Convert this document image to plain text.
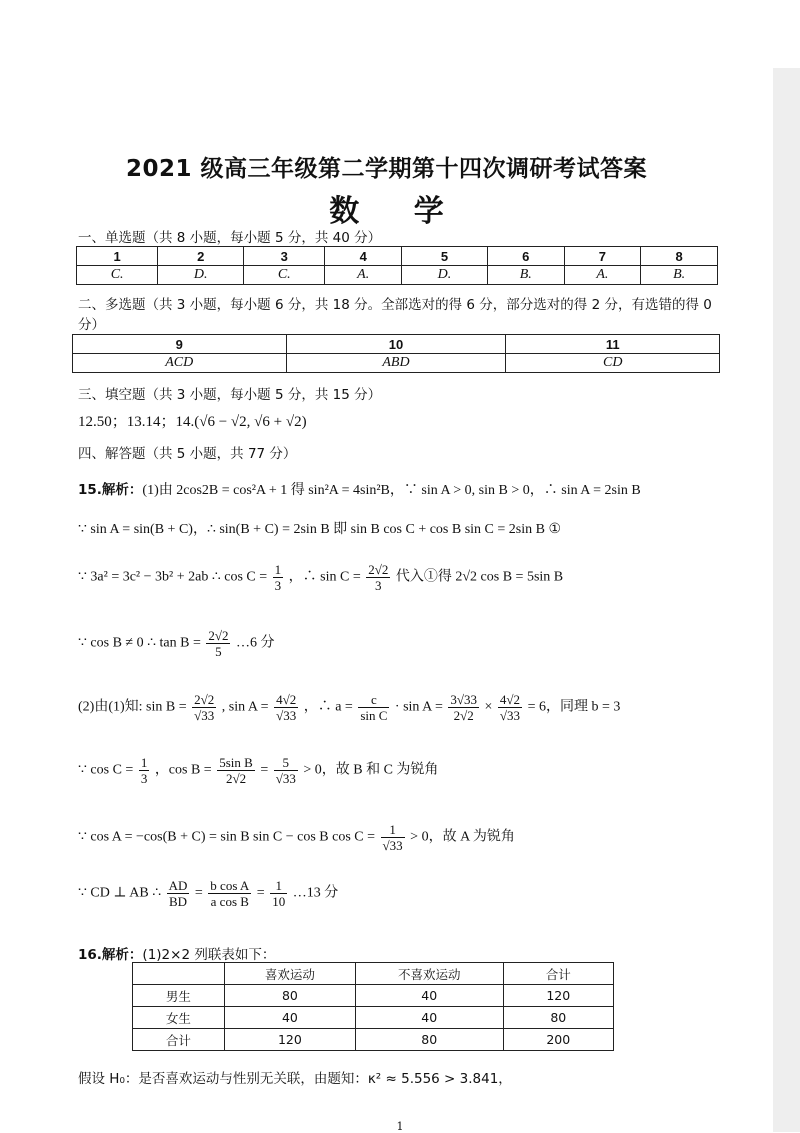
2021 级高三年级第二学期第十四次调研考试答案
数 学
一、单选题（共 8 小题，每小题 5 分，共 40 分）
1	2	3	4	5	6	7	8
C.	D.	C.	A.	D.	B.	A.	B.
二、多选题（共 3 小题，每小题 6 分，共 18 分。全部选对的得 6 分，部分选对的得 2 分，有选错的得 0
分）
9	10	11
ACD	ABD	CD
三、填空题（共 3 小题，每小题 5 分，共 15 分）
12.50；13.14；14.(√6 − √2, √6 + √2)
四、解答题（共 5 小题，共 77 分）
15.解析：(1)由 2cos2B = cos²A + 1 得 sin²A = 4sin²B，∵ sin A > 0, sin B > 0，∴ sin A = 2sin B
∵ sin A = sin(B + C)，∴ sin(B + C) = 2sin B 即 sin B cos C + cos B sin C = 2sin B ①
∵ 3a² = 3c² − 3b² + 2ab ∴ $\cos C = \frac{1}{3}$ ，∴ $\sin C = \frac{2√2}{3}$ 代入①得 2√2 cos B = 5sin B
∵ cos B ≠ 0 ∴ $\tan B = \frac{2√2}{5}$ …6 分
(2)由(1)知: $\sin B = \frac{2√2}{√33}$ , $\sin A = \frac{4√2}{√33}$ ，∴ $a = \frac{c}{\text{sin C}} \cdot \sin A = \frac{3√33}{2√2} \times \frac{4√2}{√33} = 6$，同理 b = 3
∵ $\cos C = \frac{1}{3}$ ，$\cos B = \frac{\text{5sin B}}{2√2} = \frac{5}{√33} > 0$，故 B 和 C 为锐角
∵ cos A = −cos(B + C) = sin B sin C − cos B $\cos C = \frac{1}{√33} > 0$，故 A 为锐角
∵ CD ⊥ AB ∴ $\frac{AD}{BD} = \frac{\text{b cos A}}{\text{a cos B}} = \frac{1}{10}$ …13 分
16.解析：(1)2×2 列联表如下：
	喜欢运动	不喜欢运动	合计
男生	80	40	120
女生	40	40	80
合计	120	80	200
假设 H₀：是否喜欢运动与性别无关联，由题知：κ² ≈ 5.556 > 3.841，
1
